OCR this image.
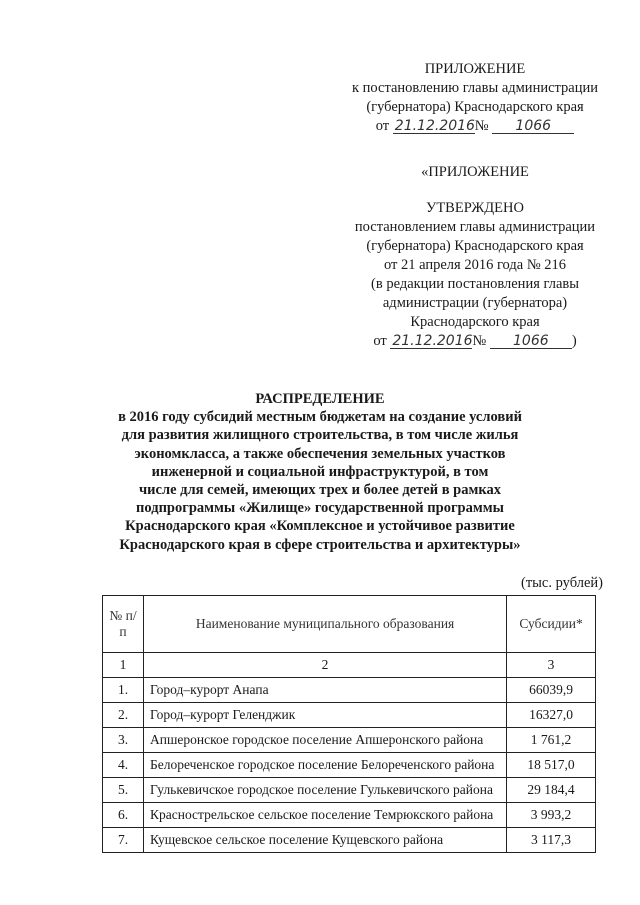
ПРИЛОЖЕНИЕ
к постановлению главы администрации
(губернатора) Краснодарского края
от 21.12.2016№ 1066
«ПРИЛОЖЕНИЕ
УТВЕРЖДЕНО
постановлением главы администрации
(губернатора) Краснодарского края
от 21 апреля 2016 года № 216
(в редакции постановления главы
администрации (губернатора)
Краснодарского края
от 21.12.2016№ 1066 )
РАСПРЕДЕЛЕНИЕ
в 2016 году субсидий местным бюджетам на создание условий
для развития жилищного строительства, в том числе жилья
экономкласса, а также обеспечения земельных участков
инженерной и социальной инфраструктурой, в том
числе для семей, имеющих трех и более детей в рамках
подпрограммы «Жилище» государственной программы
Краснодарского края «Комплексное и устойчивое развитие
Краснодарского края в сфере строительства и архитектуры»
(тыс. рублей)
№ п/п	Наименование муниципального образования	Субсидии*
1	2	3
1.	Город–курорт Анапа	66039,9
2.	Город–курорт Геленджик	16327,0
3.	Апшеронское городское поселение Апшеронского района	1 761,2
4.	Белореченское городское поселение Белореченского района	18 517,0
5.	Гулькевичское городское поселение Гулькевичского района	29 184,4
6.	Краснострельское сельское поселение Темрюкского района	3 993,2
7.	Кущевское сельское поселение Кущевского района	3 117,3
